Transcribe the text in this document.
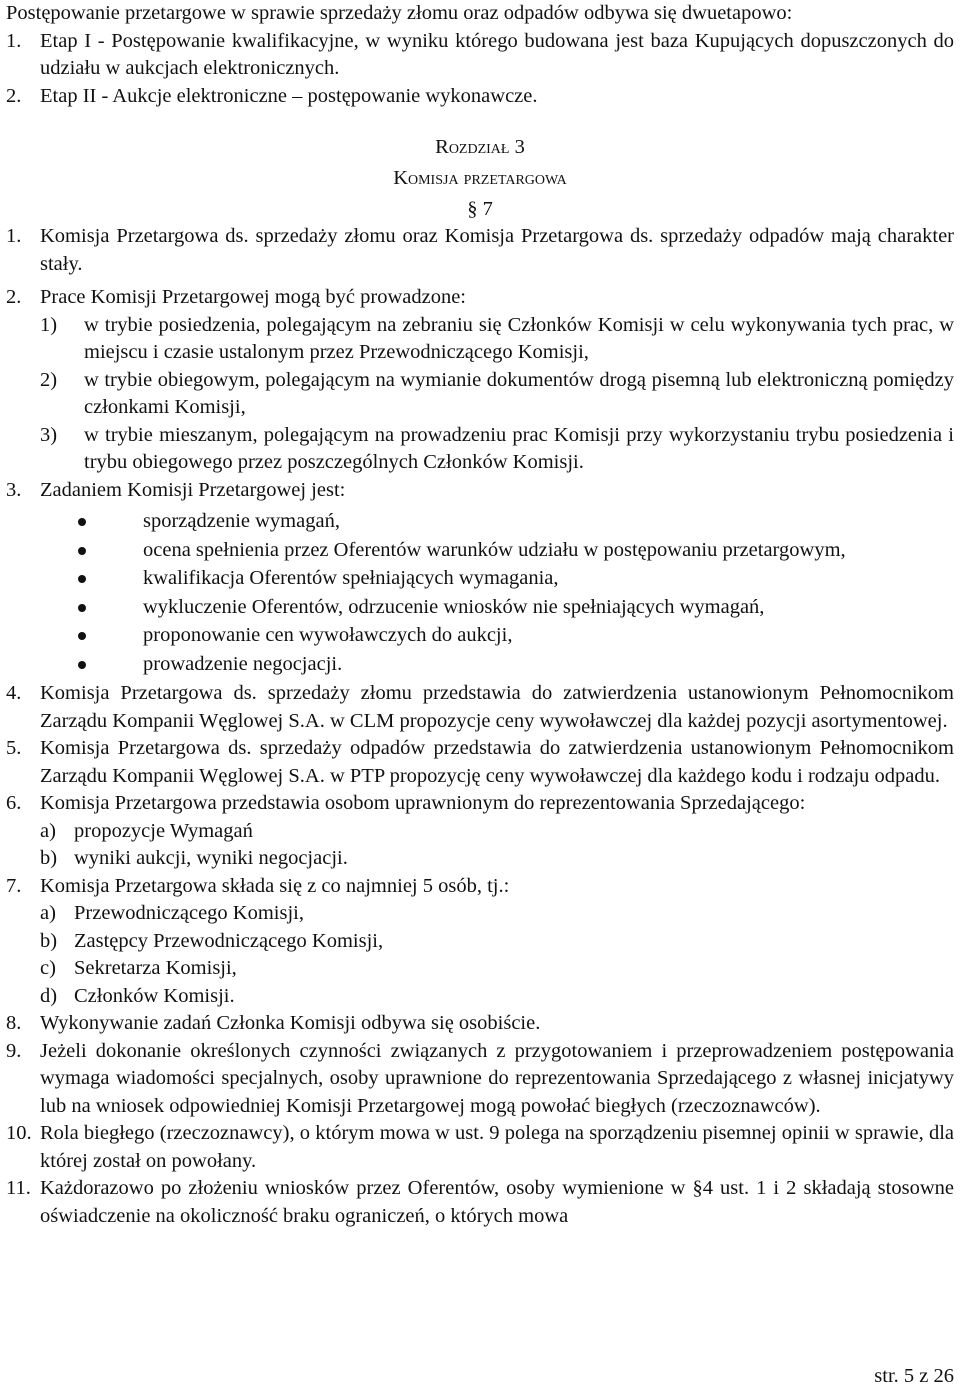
Postępowanie przetargowe w sprawie sprzedaży złomu oraz odpadów odbywa się dwuetapowo:

1. Etap I - Postępowanie kwalifikacyjne, w wyniku którego budowana jest baza Kupujących dopuszczonych do udziału w aukcjach elektronicznych.
2. Etap II - Aukcje elektroniczne – postępowanie wykonawcze.
Rozdział 3
Komisja przetargowa
§ 7
1. Komisja Przetargowa ds. sprzedaży złomu oraz Komisja Przetargowa ds. sprzedaży odpadów mają charakter stały.
2. Prace Komisji Przetargowej mogą być prowadzone:
1)	w trybie posiedzenia, polegającym na zebraniu się Członków Komisji w celu wykonywania tych prac, w miejscu i czasie ustalonym przez Przewodniczącego Komisji,
2)	w trybie obiegowym, polegającym na wymianie dokumentów drogą pisemną lub elektroniczną pomiędzy członkami Komisji,
3)	w trybie mieszanym, polegającym na prowadzeniu prac Komisji przy wykorzystaniu trybu posiedzenia i trybu obiegowego przez poszczególnych Członków Komisji.
3. Zadaniem Komisji Przetargowej jest:
sporządzenie wymagań,
ocena spełnienia przez Oferentów warunków udziału w postępowaniu przetargowym,
kwalifikacja Oferentów spełniających wymagania,
wykluczenie Oferentów, odrzucenie wniosków nie spełniających wymagań,
proponowanie cen wywoławczych do aukcji,
prowadzenie negocjacji.
4. Komisja Przetargowa ds. sprzedaży złomu przedstawia do zatwierdzenia ustanowionym Pełnomocnikom Zarządu Kompanii Węglowej S.A. w CLM propozycje ceny wywoławczej dla każdej pozycji asortymentowej.
5. Komisja Przetargowa ds. sprzedaży odpadów przedstawia do zatwierdzenia ustanowionym Pełnomocnikom Zarządu Kompanii Węglowej S.A. w PTP propozycję ceny wywoławczej dla każdego kodu i rodzaju odpadu.
6. Komisja Przetargowa przedstawia osobom uprawnionym do reprezentowania Sprzedającego:
a) propozycje Wymagań
b) wyniki aukcji, wyniki negocjacji.
7. Komisja Przetargowa składa się z co najmniej 5 osób, tj.:
a) Przewodniczącego Komisji,
b) Zastępcy Przewodniczącego Komisji,
c) Sekretarza Komisji,
d) Członków Komisji.
8. Wykonywanie zadań Członka Komisji odbywa się osobiście.
9. Jeżeli dokonanie określonych czynności związanych z przygotowaniem i przeprowadzeniem postępowania wymaga wiadomości specjalnych, osoby uprawnione do reprezentowania Sprzedającego z własnej inicjatywy lub na wniosek odpowiedniej Komisji Przetargowej mogą powołać biegłych (rzeczoznawców).
10. Rola biegłego (rzeczoznawcy), o którym mowa w ust. 9 polega na sporządzeniu pisemnej opinii w sprawie, dla której został on powołany.
11. Każdorazowo po złożeniu wniosków przez Oferentów, osoby wymienione w §4 ust. 1 i 2 składają stosowne oświadczenie na okoliczność braku ograniczeń, o których mowa
str. 5 z 26
